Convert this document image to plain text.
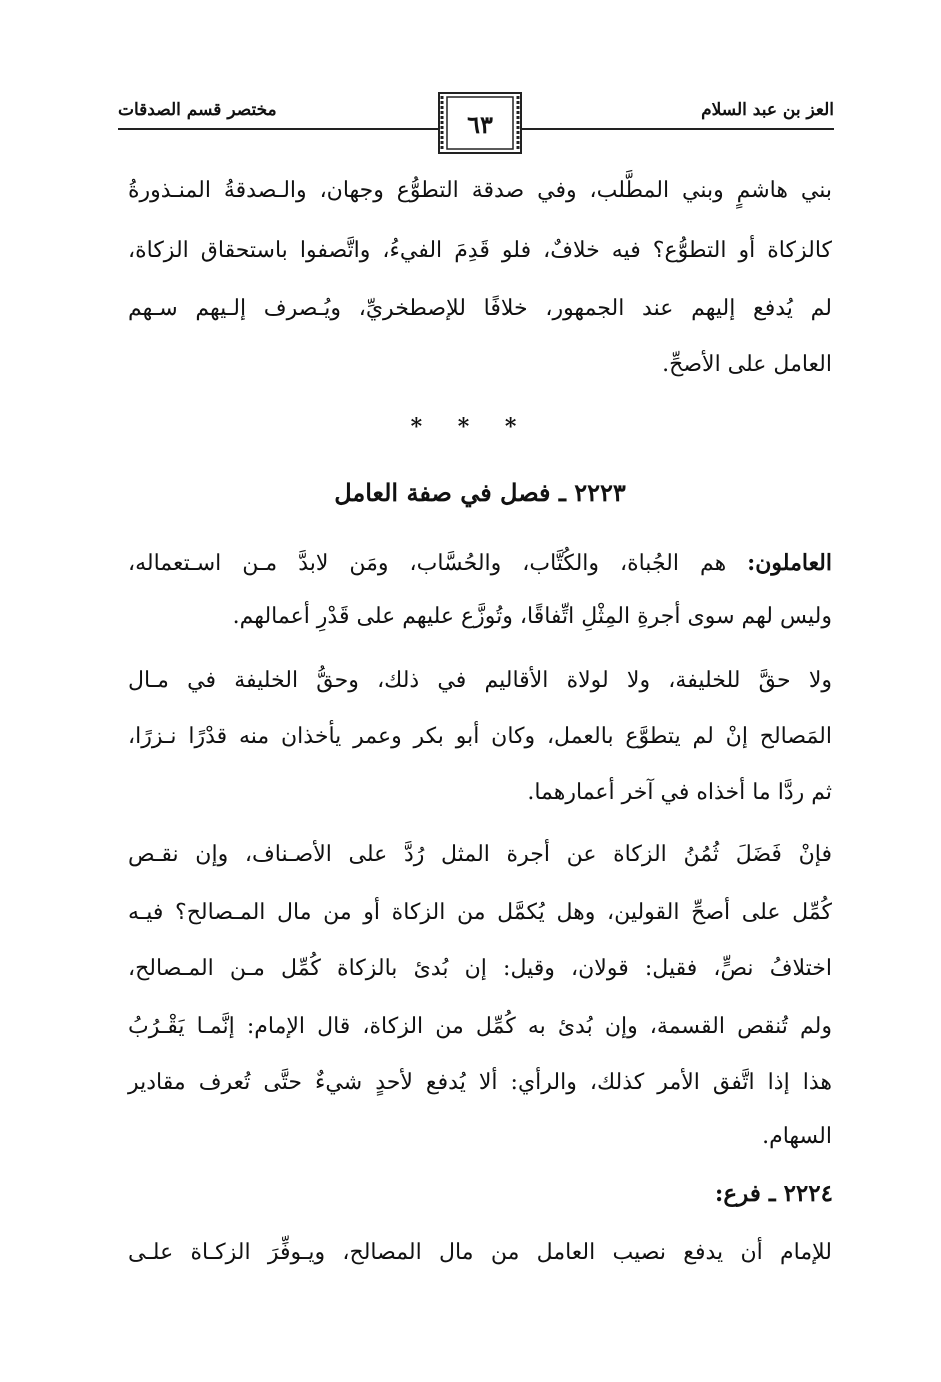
العز بن عبد السلام
مختصر قسم الصدقات	٦٣
بني هاشمٍ وبني المطَّلب، وفي صدقة التطوُّع وجهان، والـصدقةُ المنـذورةُ
كالزكاة أو التطوُّع؟ فيه خلافٌ، فلو قَدِمَ الفيءُ، واتَّصفوا باستحقاق الزكاة،
لم يُدفع إليهم عند الجمهور، خلافًا للإصطخريِّ، ويُـصرف إلـيهم سـهم
العامل على الأصحِّ.
* * *
٢٢٢٣ ـ فصل في صفة العامل
العاملون: هم الجُباة، والكُتَّاب، والحُسَّاب، ومَن لابدَّ مـن اسـتعماله،
وليس لهم سوى أجرةِ المِثْلِ اتِّفاقًا، وتُوزَّع عليهم على قَدْرِ أعمالهم.
ولا حقَّ للخليفة، ولا لولاة الأقاليم في ذلك، وحقُّ الخليفة في مـال
المَصالح إنْ لم يتطوَّع بالعمل، وكان أبو بكر وعمر يأخذان منه قدْرًا نـزرًا،
ثم ردَّا ما أخذاه في آخر أعمارهما.
فإنْ فَضَلَ ثُمُنُ الزكاة عن أجرة المثل رُدَّ على الأصـناف، وإن نقـص
كُمِّل على أصحِّ القولين، وهل يُكمَّل من الزكاة أو من مال المـصالح؟ فيـه
اختلافُ نصٍّ، فقيل: قولان، وقيل: إن بُدئ بالزكاة كُمِّل مـن المـصالح،
ولم تُنقص القسمة، وإن بُدئ به كُمِّل من الزكاة، قال الإمام: إنَّمـا يَقْـرُبُ
هذا إذا اتَّفق الأمر كذلك، والرأي: ألا يُدفع لأحدٍ شيءٌ حتَّى تُعرف مقادير
السهام.
٢٢٢٤ ـ فرع:
للإمام أن يدفع نصيب العامل من مال المصالح، ويـوفِّرَ الزكـاة علـى
